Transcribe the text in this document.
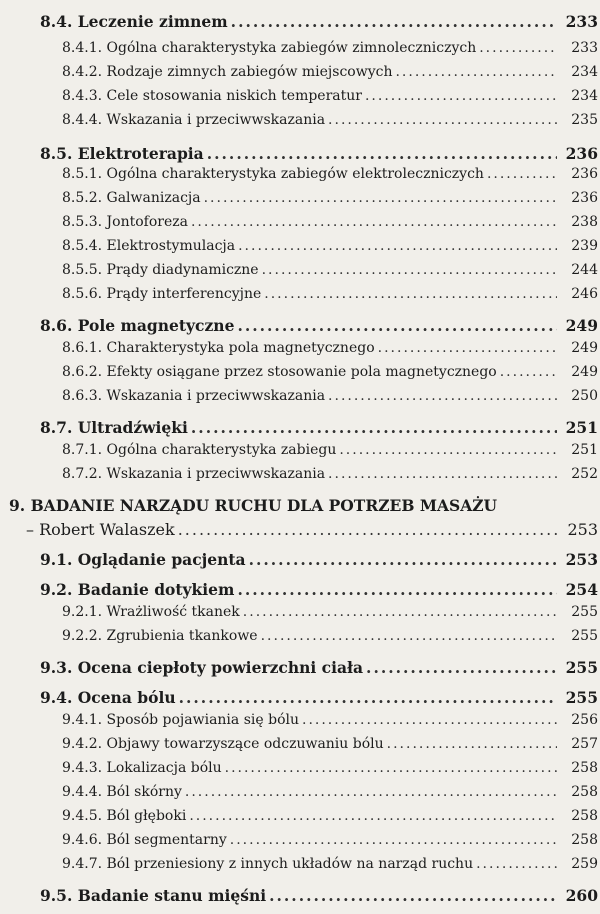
8.4. Leczenie zimnem .....	233
8.4.1. Ogólna charakterystyka zabiegów zimnoleczniczych .....	233
8.4.2. Rodzaje zimnych zabiegów miejscowych .....	234
8.4.3. Cele stosowania niskich temperatur .....	234
8.4.4. Wskazania i przeciwwskazania .....	235
8.5. Elektroterapia .....	236
8.5.1. Ogólna charakterystyka zabiegów elektroleczniczych .....	236
8.5.2. Galwanizacja .....	236
8.5.3. Jontoforeza .....	238
8.5.4. Elektrostymulacja .....	239
8.5.5. Prądy diadynamiczne .....	244
8.5.6. Prądy interferencyjne .....	246
8.6. Pole magnetyczne .....	249
8.6.1. Charakterystyka pola magnetycznego .....	249
8.6.2. Efekty osiągane przez stosowanie pola magnetycznego .....	249
8.6.3. Wskazania i przeciwwskazania .....	250
8.7. Ultradźwięki .....	251
8.7.1. Ogólna charakterystyka zabiegu .....	251
8.7.2. Wskazania i przeciwwskazania .....	252
9. BADANIE NARZĄDU RUCHU DLA POTRZEB MASAŻU
– Robert Walaszek .....	253
9.1. Oglądanie pacjenta .....	253
9.2. Badanie dotykiem .....	254
9.2.1. Wrażliwość tkanek .....	255
9.2.2. Zgrubienia tkankowe .....	255
9.3. Ocena ciepłoty powierzchni ciała .....	255
9.4. Ocena bólu .....	255
9.4.1. Sposób pojawiania się bólu .....	256
9.4.2. Objawy towarzyszące odczuwaniu bólu .....	257
9.4.3. Lokalizacja bólu .....	258
9.4.4. Ból skórny .....	258
9.4.5. Ból głęboki .....	258
9.4.6. Ból segmentarny .....	258
9.4.7. Ból przeniesiony z innych układów na narząd ruchu .....	259
9.5. Badanie stanu mięśni .....	260
